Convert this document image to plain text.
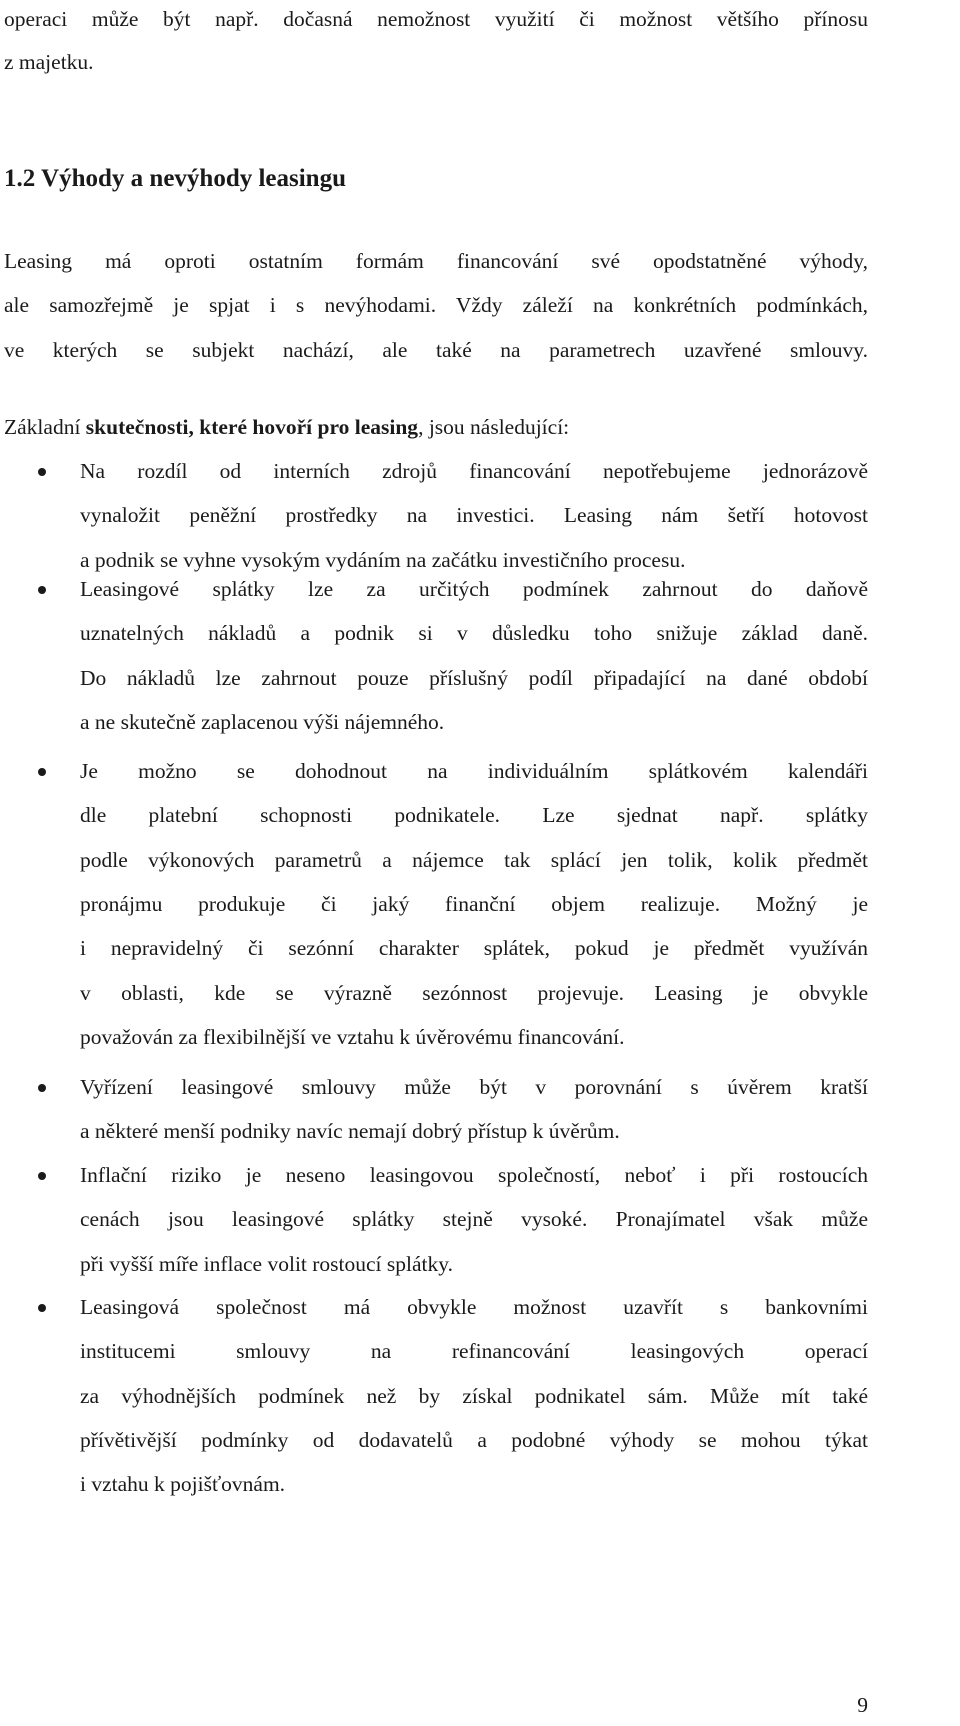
operaci může být např. dočasná nemožnost využití či možnost většího přínosu
z majetku.
1.2 Výhody a nevýhody leasingu
Leasing má oproti ostatním formám financování své opodstatněné výhody,
ale samozřejmě je spjat i s nevýhodami. Vždy záleží na konkrétních podmínkách,
ve kterých se subjekt nachází, ale také na parametrech uzavřené smlouvy.
Základní skutečnosti, které hovoří pro leasing, jsou následující:
Na rozdíl od interních zdrojů financování nepotřebujeme jednorázově
vynaložit peněžní prostředky na investici. Leasing nám šetří hotovost
a podnik se vyhne vysokým vydáním na začátku investičního procesu.
Leasingové splátky lze za určitých podmínek zahrnout do daňově
uznatelných nákladů a podnik si v důsledku toho snižuje základ daně.
Do nákladů lze zahrnout pouze příslušný podíl připadající na dané období
a ne skutečně zaplacenou výši nájemného.
Je možno se dohodnout na individuálním splátkovém kalendáři
dle platební schopnosti podnikatele. Lze sjednat např. splátky
podle výkonových parametrů a nájemce tak splácí jen tolik, kolik předmět
pronájmu produkuje či jaký finanční objem realizuje. Možný je
i nepravidelný či sezónní charakter splátek, pokud je předmět využíván
v oblasti, kde se výrazně sezónnost projevuje. Leasing je obvykle
považován za flexibilnější ve vztahu k úvěrovému financování.
Vyřízení leasingové smlouvy může být v porovnání s úvěrem kratší
a některé menší podniky navíc nemají dobrý přístup k úvěrům.
Inflační riziko je neseno leasingovou společností, neboť i při rostoucích
cenách jsou leasingové splátky stejně vysoké. Pronajímatel však může
při vyšší míře inflace volit rostoucí splátky.
Leasingová společnost má obvykle možnost uzavřít s bankovními
institucemi smlouvy na refinancování leasingových operací
za výhodnějších podmínek než by získal podnikatel sám. Může mít také
přívětivější podmínky od dodavatelů a podobné výhody se mohou týkat
i vztahu k pojišťovnám.
9
